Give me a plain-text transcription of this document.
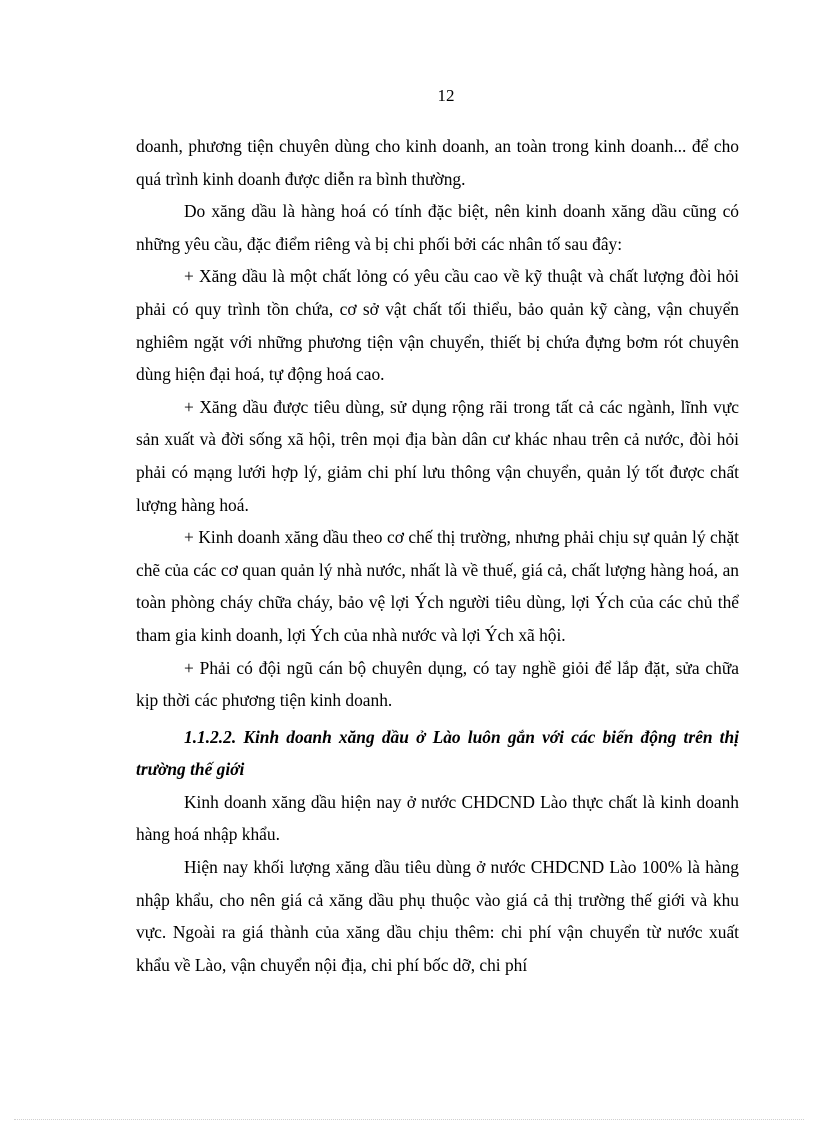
12

doanh, phương tiện chuyên dùng cho kinh doanh, an toàn trong kinh doanh... để cho quá trình kinh doanh được diễn ra bình thường.

Do xăng dầu là hàng hoá có tính đặc biệt, nên kinh doanh xăng dầu cũng có những yêu cầu, đặc điểm riêng và bị chi phối bởi các nhân tố sau đây:

+ Xăng dầu là một chất lỏng có yêu cầu cao về kỹ thuật và chất lượng đòi hỏi phải có quy trình tồn chứa, cơ sở vật chất tối thiểu, bảo quản kỹ càng, vận chuyển nghiêm ngặt với những phương tiện vận chuyển, thiết bị chứa đựng bơm rót chuyên dùng hiện đại hoá, tự động hoá cao.

+ Xăng dầu được tiêu dùng, sử dụng rộng rãi trong tất cả các ngành, lĩnh vực sản xuất và đời sống xã hội, trên mọi địa bàn dân cư khác nhau trên cả nước, đòi hỏi phải có mạng lưới hợp lý, giảm chi phí lưu thông vận chuyển, quản lý tốt được chất lượng hàng hoá.

+ Kinh doanh xăng dầu theo cơ chế thị trường, nhưng phải chịu sự quản lý chặt chẽ của các cơ quan quản lý nhà nước, nhất là về thuế, giá cả, chất lượng hàng hoá, an toàn phòng cháy chữa cháy, bảo vệ lợi Ých người tiêu dùng, lợi Ých của các chủ thể tham gia kinh doanh, lợi Ých của nhà nước và lợi Ých xã hội.

+ Phải có đội ngũ cán bộ chuyên dụng, có tay nghề giỏi để lắp đặt, sửa chữa kịp thời các phương tiện kinh doanh.

1.1.2.2. Kinh doanh xăng dầu ở Lào luôn gắn với các biến động trên thị trường thế giới

Kinh doanh xăng dầu hiện nay ở nước CHDCND Lào thực chất là kinh doanh hàng hoá nhập khẩu.

Hiện nay khối lượng xăng dầu tiêu dùng ở nước CHDCND Lào 100% là hàng nhập khẩu, cho nên giá cả xăng dầu phụ thuộc vào giá cả thị trường thế giới và khu vực. Ngoài ra giá thành của xăng dầu chịu thêm: chi phí vận chuyển từ nước xuất khẩu về Lào, vận chuyển nội địa, chi phí bốc dỡ, chi phí
